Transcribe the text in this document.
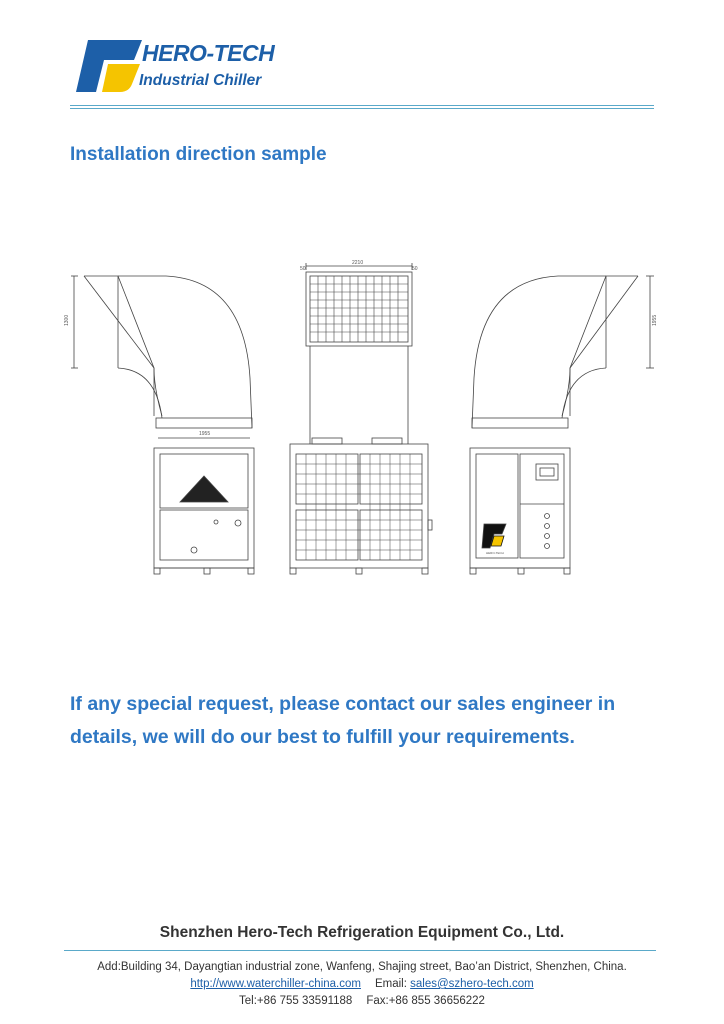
HERO-TECH
Industrial Chiller
Installation direction sample
1955
2210
50	50
1300	1955
HERO-TECH
If any special request, please contact our sales engineer in details, we will do our best to fulfill your requirements.
Shenzhen Hero-Tech Refrigeration Equipment Co., Ltd.
Add:Building 34, Dayangtian industrial zone, Wanfeng, Shajing street, Bao’an District, Shenzhen, China.
http://www.waterchiller-china.com Email: sales@szhero-tech.com
Tel:+86 755 33591188 Fax:+86 855 36656222
